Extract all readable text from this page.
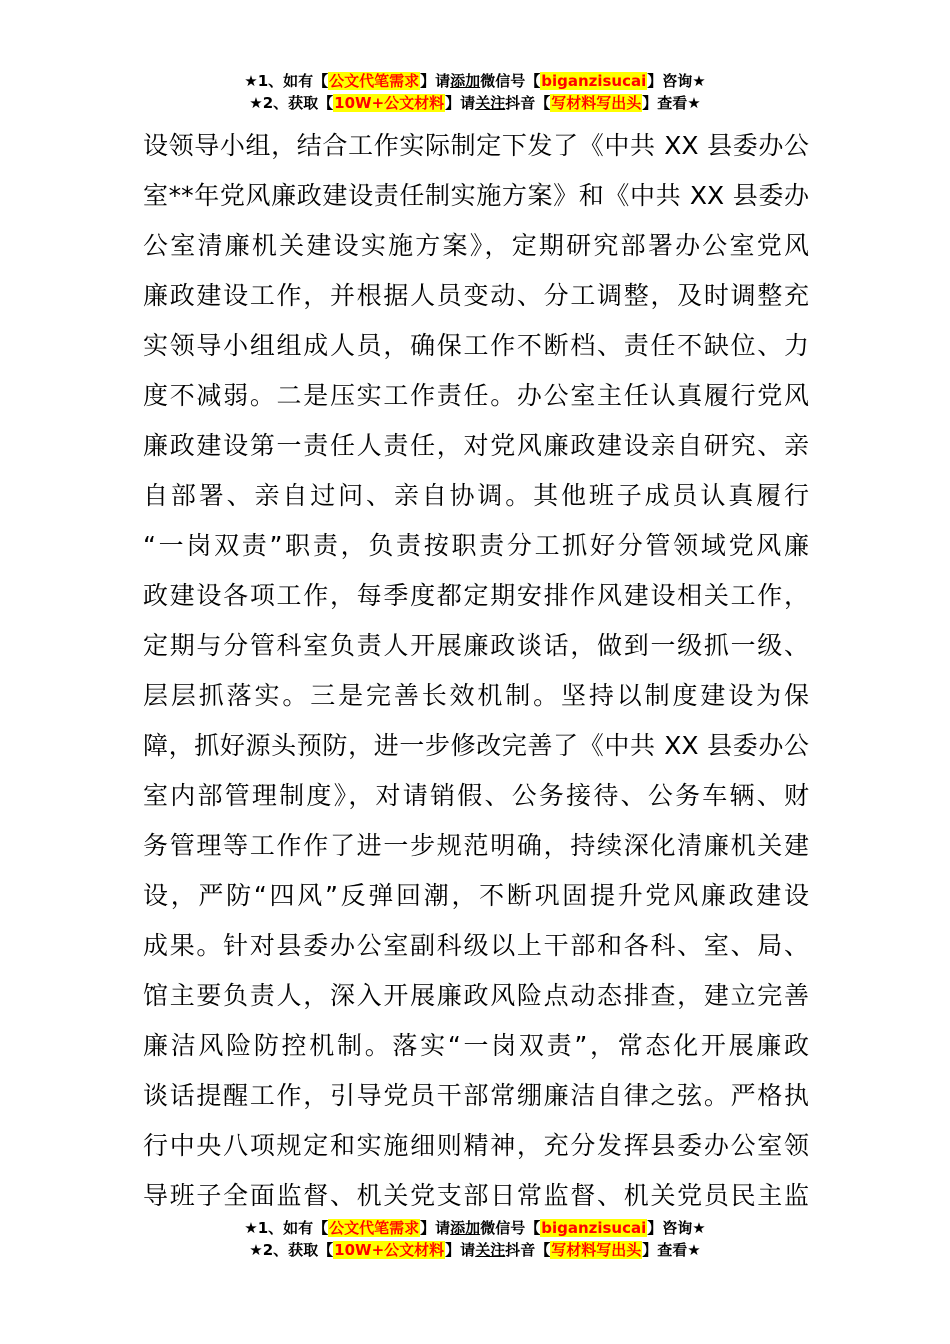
★1、如有【公文代笔需求】请添加微信号【biganzisucai】咨询★
★2、获取【10W+公文材料】请关注抖音【写材料写出头】查看★
设领导小组，结合工作实际制定下发了《中共 XX 县委办公
室**年党风廉政建设责任制实施方案》和《中共 XX 县委办
公室清廉机关建设实施方案》，定期研究部署办公室党风
廉政建设工作，并根据人员变动、分工调整，及时调整充
实领导小组组成人员，确保工作不断档、责任不缺位、力
度不减弱。二是压实工作责任。办公室主任认真履行党风
廉政建设第一责任人责任，对党风廉政建设亲自研究、亲
自部署、亲自过问、亲自协调。其他班子成员认真履行
“一岗双责”职责，负责按职责分工抓好分管领域党风廉
政建设各项工作，每季度都定期安排作风建设相关工作，
定期与分管科室负责人开展廉政谈话，做到一级抓一级、
层层抓落实。三是完善长效机制。坚持以制度建设为保
障，抓好源头预防，进一步修改完善了《中共 XX 县委办公
室内部管理制度》，对请销假、公务接待、公务车辆、财
务管理等工作作了进一步规范明确，持续深化清廉机关建
设，严防“四风”反弹回潮，不断巩固提升党风廉政建设
成果。针对县委办公室副科级以上干部和各科、室、局、
馆主要负责人，深入开展廉政风险点动态排查，建立完善
廉洁风险防控机制。落实“一岗双责”，常态化开展廉政
谈话提醒工作，引导党员干部常绷廉洁自律之弦。严格执
行中央八项规定和实施细则精神，充分发挥县委办公室领
导班子全面监督、机关党支部日常监督、机关党员民主监
★1、如有【公文代笔需求】请添加微信号【biganzisucai】咨询★
★2、获取【10W+公文材料】请关注抖音【写材料写出头】查看★
